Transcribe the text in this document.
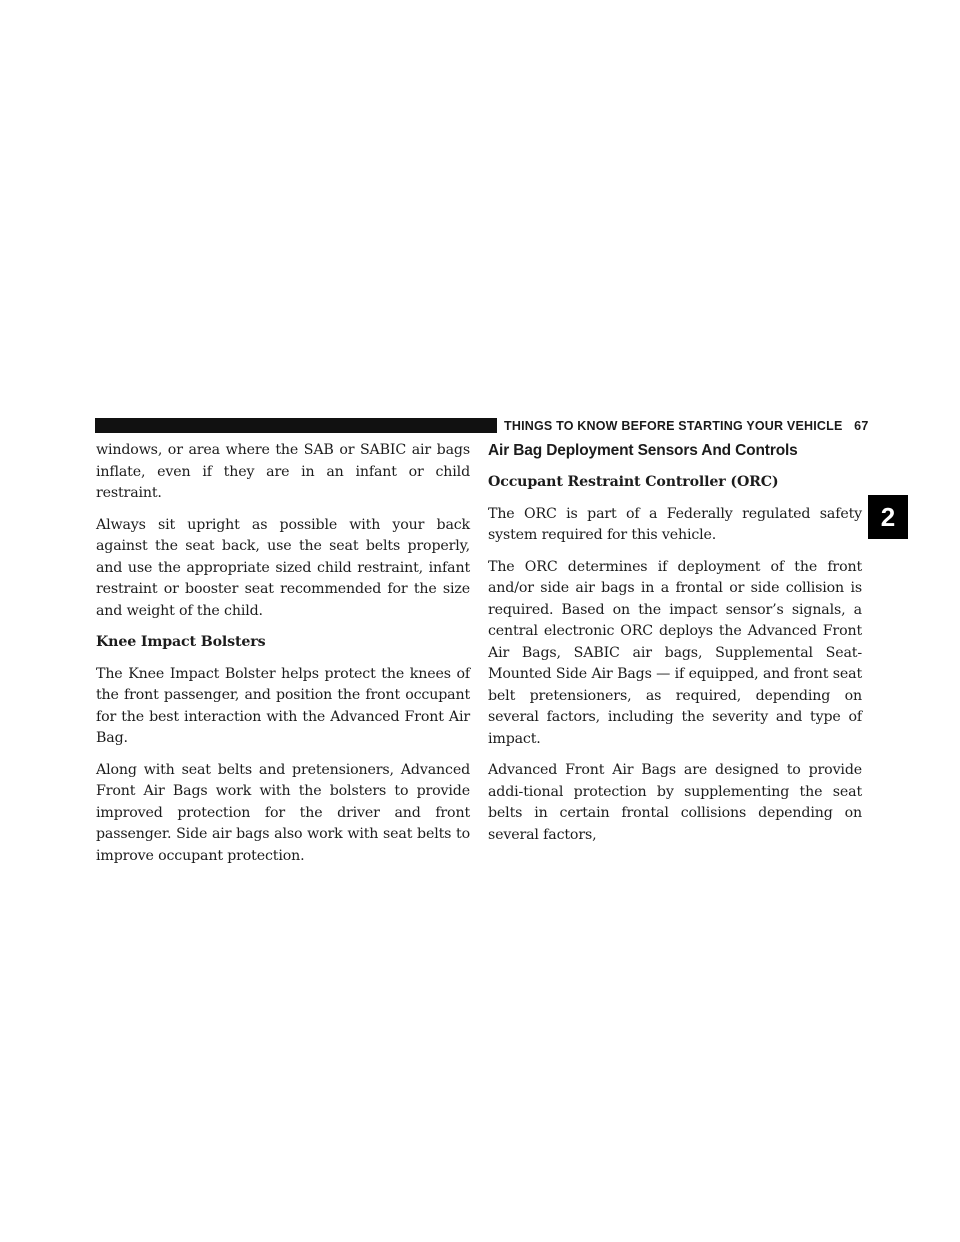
THINGS TO KNOW BEFORE STARTING YOUR VEHICLE 67
2

windows, or area where the SAB or SABIC air bags inflate, even if they are in an infant or child restraint.

Always sit upright as possible with your back against the seat back, use the seat belts properly, and use the appropriate sized child restraint, infant restraint or booster seat recommended for the size and weight of the child.

Knee Impact Bolsters

The Knee Impact Bolster helps protect the knees of the front passenger, and position the front occupant for the best interaction with the Advanced Front Air Bag.

Along with seat belts and pretensioners, Advanced Front Air Bags work with the bolsters to provide improved protection for the driver and front passenger. Side air bags also work with seat belts to improve occupant protection.

Air Bag Deployment Sensors And Controls
Occupant Restraint Controller (ORC)

The ORC is part of a Federally regulated safety system required for this vehicle.

The ORC determines if deployment of the front and/or side air bags in a frontal or side collision is required. Based on the impact sensor’s signals, a central electronic ORC deploys the Advanced Front Air Bags, SABIC air bags, Supplemental Seat-Mounted Side Air Bags — if equipped, and front seat belt pretensioners, as required, depending on several factors, including the severity and type of impact.

Advanced Front Air Bags are designed to provide addi-tional protection by supplementing the seat belts in certain frontal collisions depending on several factors,
